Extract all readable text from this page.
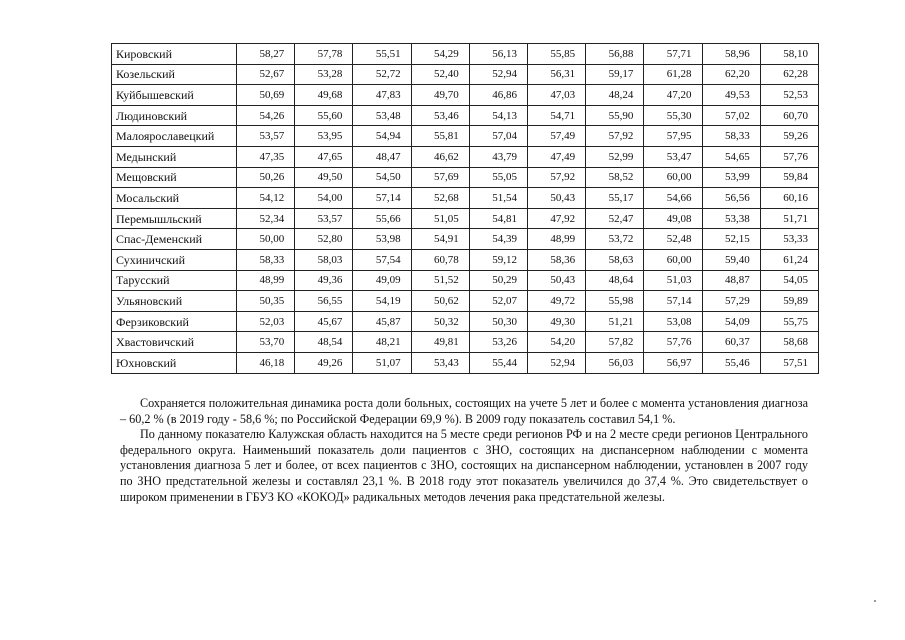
Кировский	58,27	57,78	55,51	54,29	56,13	55,85	56,88	57,71	58,96	58,10
Козельский	52,67	53,28	52,72	52,40	52,94	56,31	59,17	61,28	62,20	62,28
Куйбышевский	50,69	49,68	47,83	49,70	46,86	47,03	48,24	47,20	49,53	52,53
Людиновский	54,26	55,60	53,48	53,46	54,13	54,71	55,90	55,30	57,02	60,70
Малоярославецкий	53,57	53,95	54,94	55,81	57,04	57,49	57,92	57,95	58,33	59,26
Медынский	47,35	47,65	48,47	46,62	43,79	47,49	52,99	53,47	54,65	57,76
Мещовский	50,26	49,50	54,50	57,69	55,05	57,92	58,52	60,00	53,99	59,84
Мосальский	54,12	54,00	57,14	52,68	51,54	50,43	55,17	54,66	56,56	60,16
Перемышльский	52,34	53,57	55,66	51,05	54,81	47,92	52,47	49,08	53,38	51,71
Спас-Деменский	50,00	52,80	53,98	54,91	54,39	48,99	53,72	52,48	52,15	53,33
Сухиничский	58,33	58,03	57,54	60,78	59,12	58,36	58,63	60,00	59,40	61,24
Тарусский	48,99	49,36	49,09	51,52	50,29	50,43	48,64	51,03	48,87	54,05
Ульяновский	50,35	56,55	54,19	50,62	52,07	49,72	55,98	57,14	57,29	59,89
Ферзиковский	52,03	45,67	45,87	50,32	50,30	49,30	51,21	53,08	54,09	55,75
Хвастовичский	53,70	48,54	48,21	49,81	53,26	54,20	57,82	57,76	60,37	58,68
Юхновский	46,18	49,26	51,07	53,43	55,44	52,94	56,03	56,97	55,46	57,51

Сохраняется положительная динамика роста доли больных, состоящих на учете 5 лет и более с момента установления диагноза – 60,2 % (в 2019 году - 58,6 %; по Российской Федерации 69,9 %). В 2009 году показатель составил 54,1 %.

По данному показателю Калужская область находится на 5 месте среди регионов РФ и на 2 месте среди регионов Центрального федерального округа. Наименьший показатель доли пациентов с ЗНО, состоящих на диспансерном наблюдении с момента установления диагноза 5 лет и более, от всех пациентов с ЗНО, состоящих на диспансерном наблюдении, установлен в 2007 году по ЗНО предстательной железы и составлял 23,1 %. В 2018 году этот показатель увеличился до 37,4 %. Это свидетельствует о широком применении в ГБУЗ КО «КОКОД» радикальных методов лечения рака предстательной железы.
